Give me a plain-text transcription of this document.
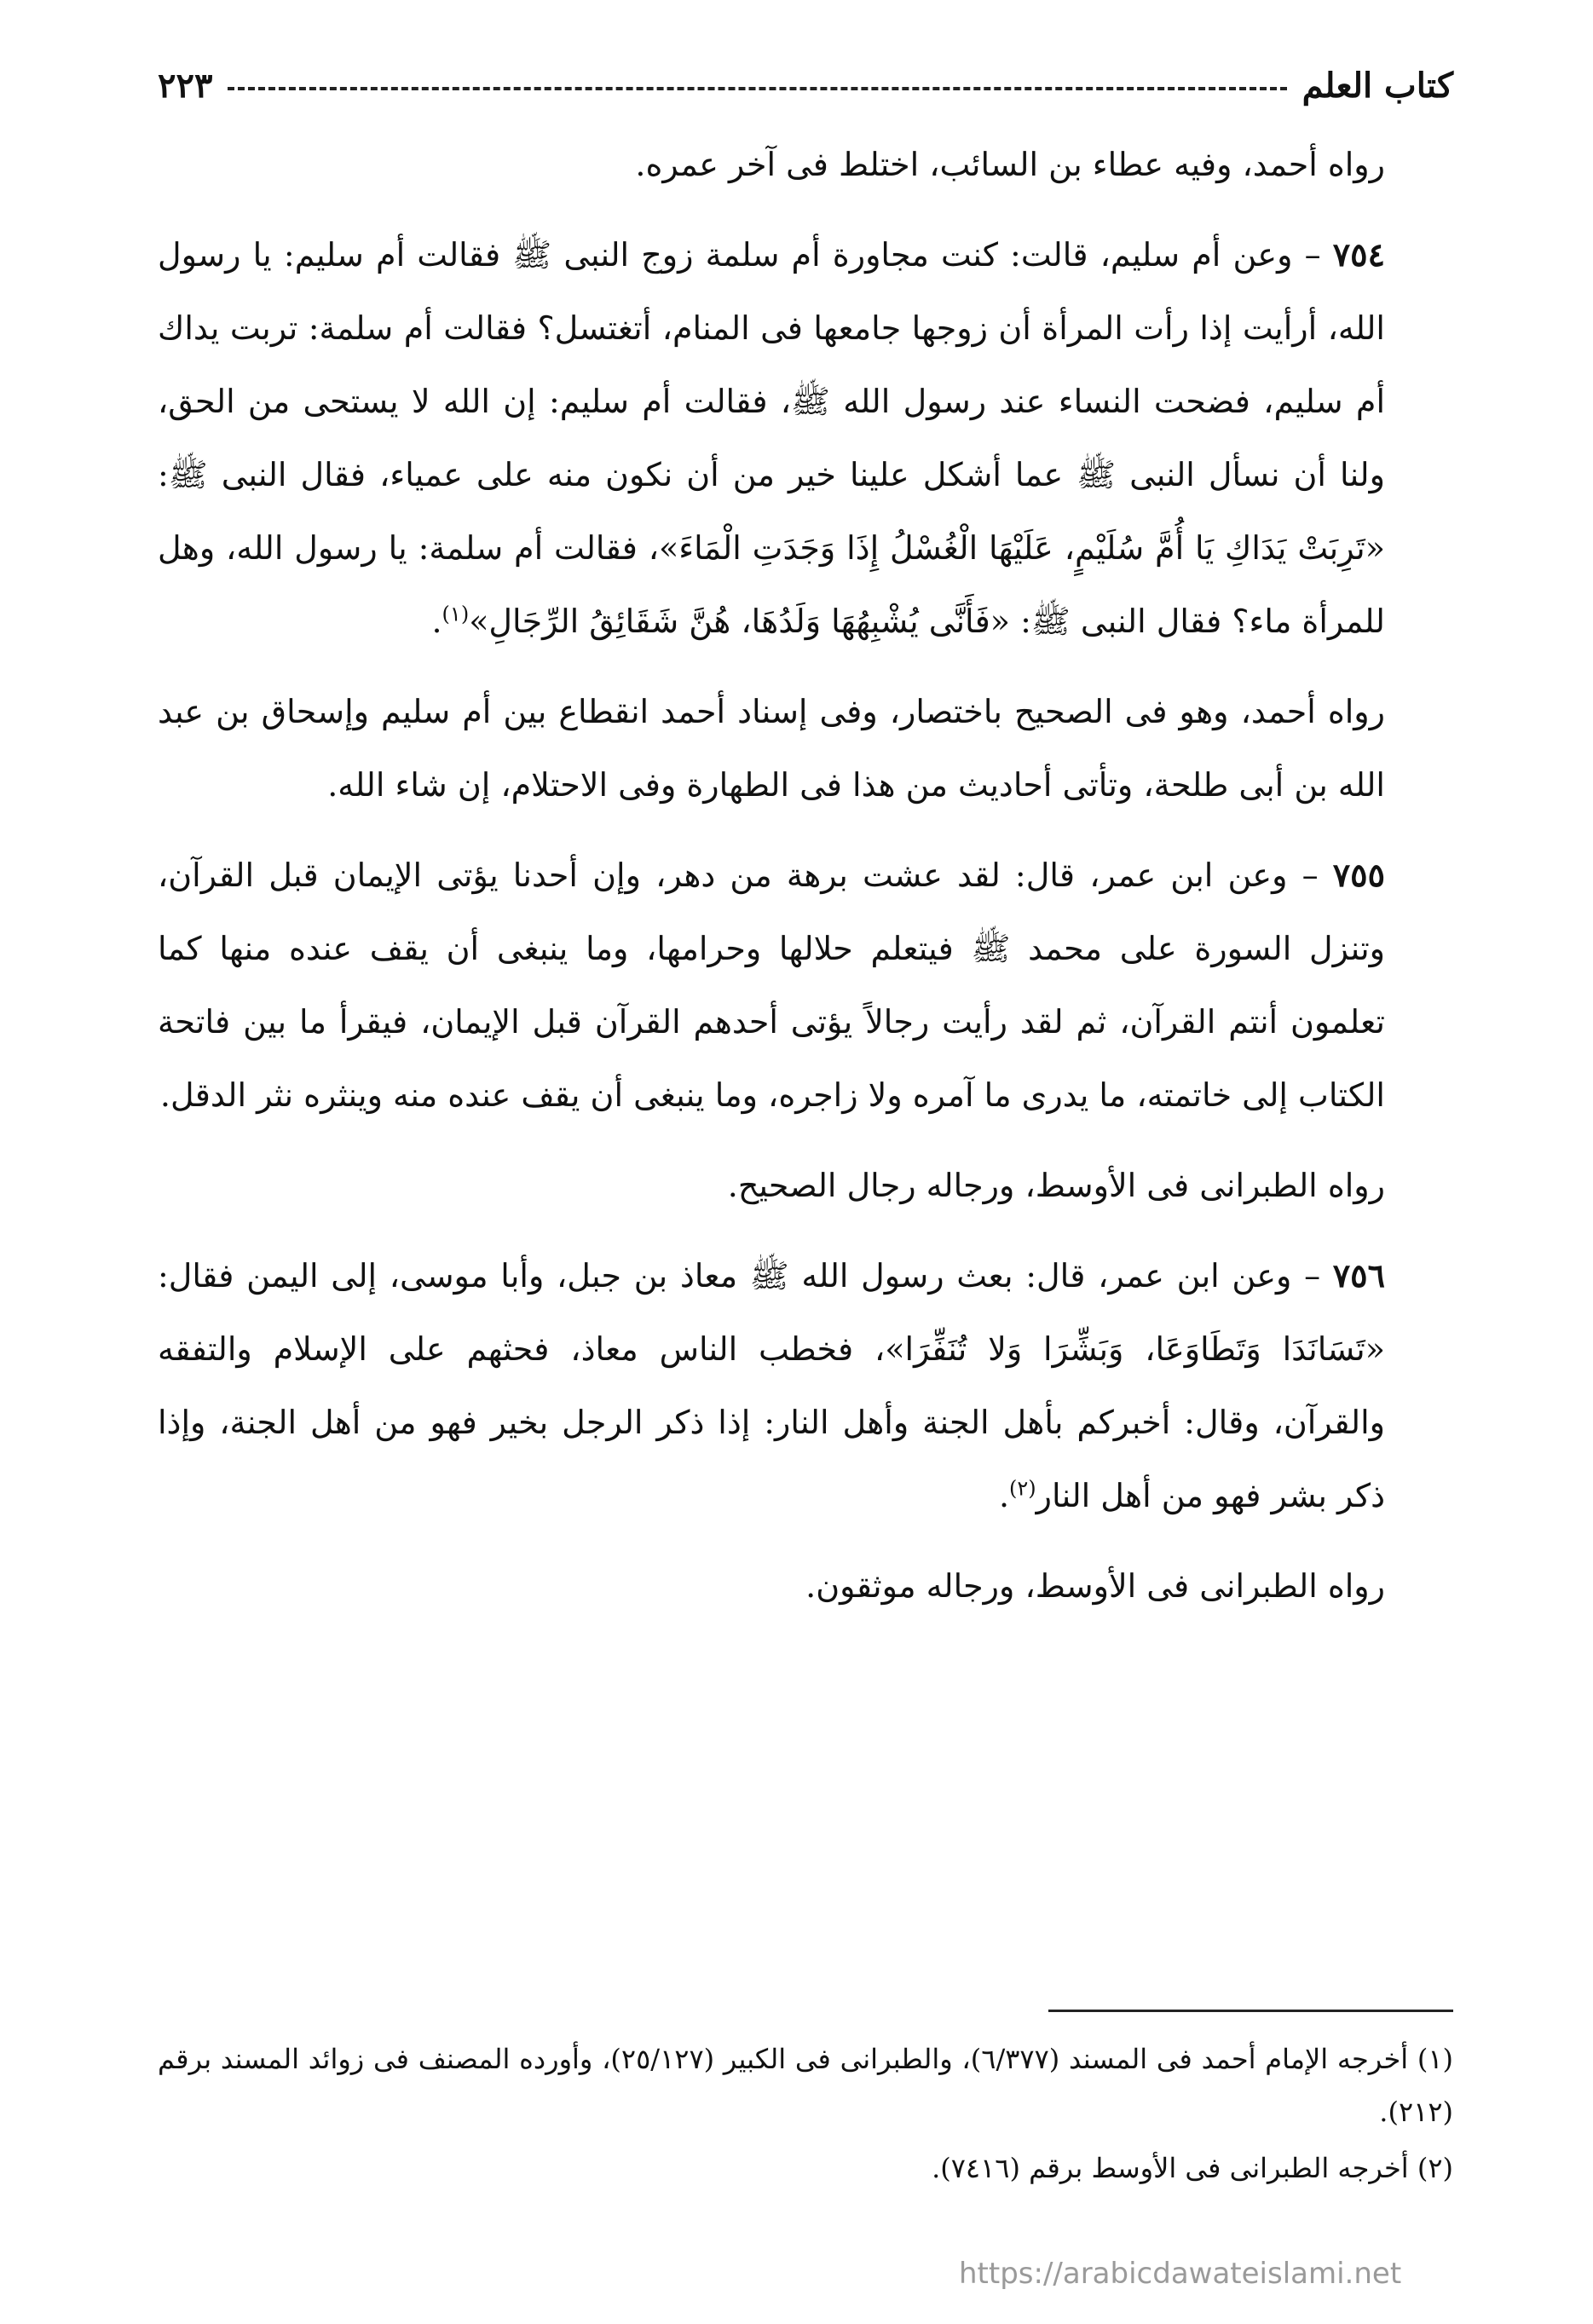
كتاب العلم
٢٢٣

رواه أحمد، وفيه عطاء بن السائب، اختلط فى آخر عمره.

٧٥٤ – وعن أم سليم، قالت: كنت مجاورة أم سلمة زوج النبى ﷺ فقالت أم سليم: يا رسول الله، أرأيت إذا رأت المرأة أن زوجها جامعها فى المنام، أتغتسل؟ فقالت أم سلمة: تربت يداك أم سليم، فضحت النساء عند رسول الله ﷺ، فقالت أم سليم: إن الله لا يستحى من الحق، ولنا أن نسأل النبى ﷺ عما أشكل علينا خير من أن نكون منه على عمياء، فقال النبى ﷺ: «تَرِبَتْ يَدَاكِ يَا أُمَّ سُلَيْمٍ، عَلَيْهَا الْغُسْلُ إِذَا وَجَدَتِ الْمَاءَ»، فقالت أم سلمة: يا رسول الله، وهل للمرأة ماء؟ فقال النبى ﷺ: «فَأَنَّى يُشْبِهُهَا وَلَدُهَا، هُنَّ شَقَائِقُ الرِّجَالِ»$^{(١)}$.

رواه أحمد، وهو فى الصحيح باختصار، وفى إسناد أحمد انقطاع بين أم سليم وإسحاق بن عبد الله بن أبى طلحة، وتأتى أحاديث من هذا فى الطهارة وفى الاحتلام، إن شاء الله.

٧٥٥ – وعن ابن عمر، قال: لقد عشت برهة من دهر، وإن أحدنا يؤتى الإيمان قبل القرآن، وتنزل السورة على محمد ﷺ فيتعلم حلالها وحرامها، وما ينبغى أن يقف عنده منها كما تعلمون أنتم القرآن، ثم لقد رأيت رجالاً يؤتى أحدهم القرآن قبل الإيمان، فيقرأ ما بين فاتحة الكتاب إلى خاتمته، ما يدرى ما آمره ولا زاجره، وما ينبغى أن يقف عنده منه وينثره نثر الدقل.

رواه الطبرانى فى الأوسط، ورجاله رجال الصحيح.

٧٥٦ – وعن ابن عمر، قال: بعث رسول الله ﷺ معاذ بن جبل، وأبا موسى، إلى اليمن فقال: «تَسَانَدَا وَتَطَاوَعَا، وَبَشِّرَا وَلا تُنَفِّرَا»، فخطب الناس معاذ، فحثهم على الإسلام والتفقه والقرآن، وقال: أخبركم بأهل الجنة وأهل النار: إذا ذكر الرجل بخير فهو من أهل الجنة، وإذا ذكر بشر فهو من أهل النار$^{(٢)}$.

رواه الطبرانى فى الأوسط، ورجاله موثقون.

(١) أخرجه الإمام أحمد فى المسند (٦/٣٧٧)، والطبرانى فى الكبير (٢٥/١٢٧)، وأورده المصنف فى زوائد المسند برقم (٢١٢).

(٢) أخرجه الطبرانى فى الأوسط برقم (٧٤١٦).

https://arabicdawateislami.net
